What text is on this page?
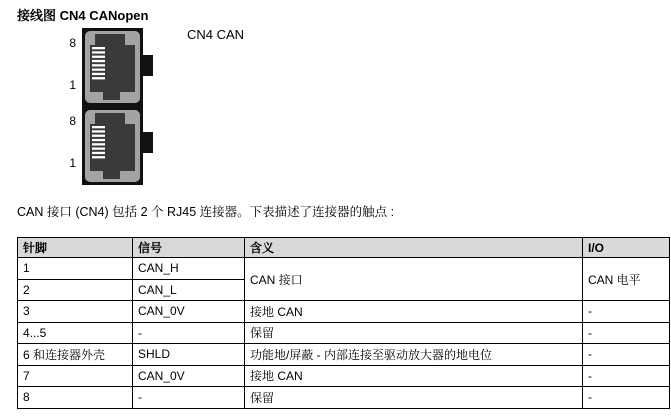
接线图 CN4 CANopen
8
1
8
1
CN4 CAN

CAN 接口 (CN4) 包括 2 个 RJ45 连接器。下表描述了连接器的触点 :

针脚	信号	含义	I/O
1	CAN_H	CAN 接口	CAN 电平
2	CAN_L		
3	CAN_0V	接地 CAN	-
4...5	-	保留	-
6 和连接器外壳	SHLD	功能地/屏蔽 - 内部连接至驱动放大器的地电位	-
7	CAN_0V	接地 CAN	-
8	-	保留	-
